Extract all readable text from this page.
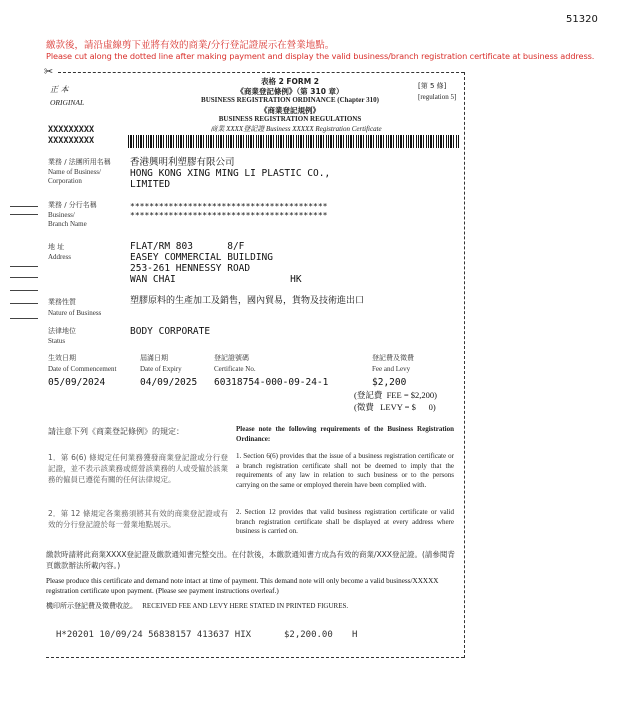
51320
繳款後，請沿虛線剪下並將有效的商業/分行登記證展示在營業地點。
Please cut along the dotted line after making payment and display the valid business/branch registration certificate at business address.
✂
正 本
ORIGINAL
表格 2 FORM 2
《商業登記條例》（第 310 章）
BUSINESS REGISTRATION ORDINANCE (Chapter 310)
《商業登記規例》
BUSINESS REGISTRATION REGULATIONS
商業 XXXX登記證 Business XXXXX Registration Certificate
[第 5 條]
[regulation 5]
XXXXXXXXX
XXXXXXXXX
業務 / 法團所用名稱
Name of Business/
Corporation
香港興明利塑膠有限公司
HONG KONG XING MING LI PLASTIC CO.,
LIMITED
業務 / 分行名稱
Business/
Branch Name
*****************************************
*****************************************
地 址
Address
FLAT/RM 803      8/F
EASEY COMMERCIAL BUILDING
253-261 HENNESSY ROAD
WAN CHAI                    HK
業務性質
Nature of Business
塑膠原料的生產加工及銷售，國內貿易，貨物及技術進出口
法律地位
Status
BODY CORPORATE
生效日期
Date of Commencement
05/09/2024
屆滿日期
Date of Expiry
04/09/2025
登記證號碼
Certificate No.
60318754-000-09-24-1
登記費及徵費
Fee and Levy
$2,200
(登記費  FEE = $2,200)
(徵費   LEVY = $      0)
請注意下列《商業登記條例》的規定：	Please note the following requirements of the Business Registration Ordinance:
1．第 6(6) 條規定任何業務獲發商業登記證或分行登記證，並不表示該業務或經營該業務的人或受僱於該業務的僱員已遵從有關的任何法律規定。
1. Section 6(6) provides that the issue of a business registration certificate or a branch registration certificate shall not be deemed to imply that the requirements of any law in relation to such business or to the persons carrying on the same or employed therein have been complied with.
2．第 12 條規定各業務須將其有效的商業登記證或有效的分行登記證於每一營業地點展示。
2. Section 12 provides that valid business registration certificate or valid branch registration certificate shall be displayed at every address where business is carried on.
繳款時請將此商業XXXX登記證及繳款通知書完整交出。在付款後，本繳款通知書方成為有效的商業/XXX登記證。(請參閱背頁繳款辦法所載內容。)
Please produce this certificate and demand note intact at time of payment. This demand note will only become a valid business/XXXXX registration certificate upon payment. (Please see payment instructions overleaf.)
機印所示登記費及徵費收訖。   RECEIVED FEE AND LEVY HERE STATED IN PRINTED FIGURES.
H*20201 10/09/24 56838157 413637 HIX	$2,200.00 H
